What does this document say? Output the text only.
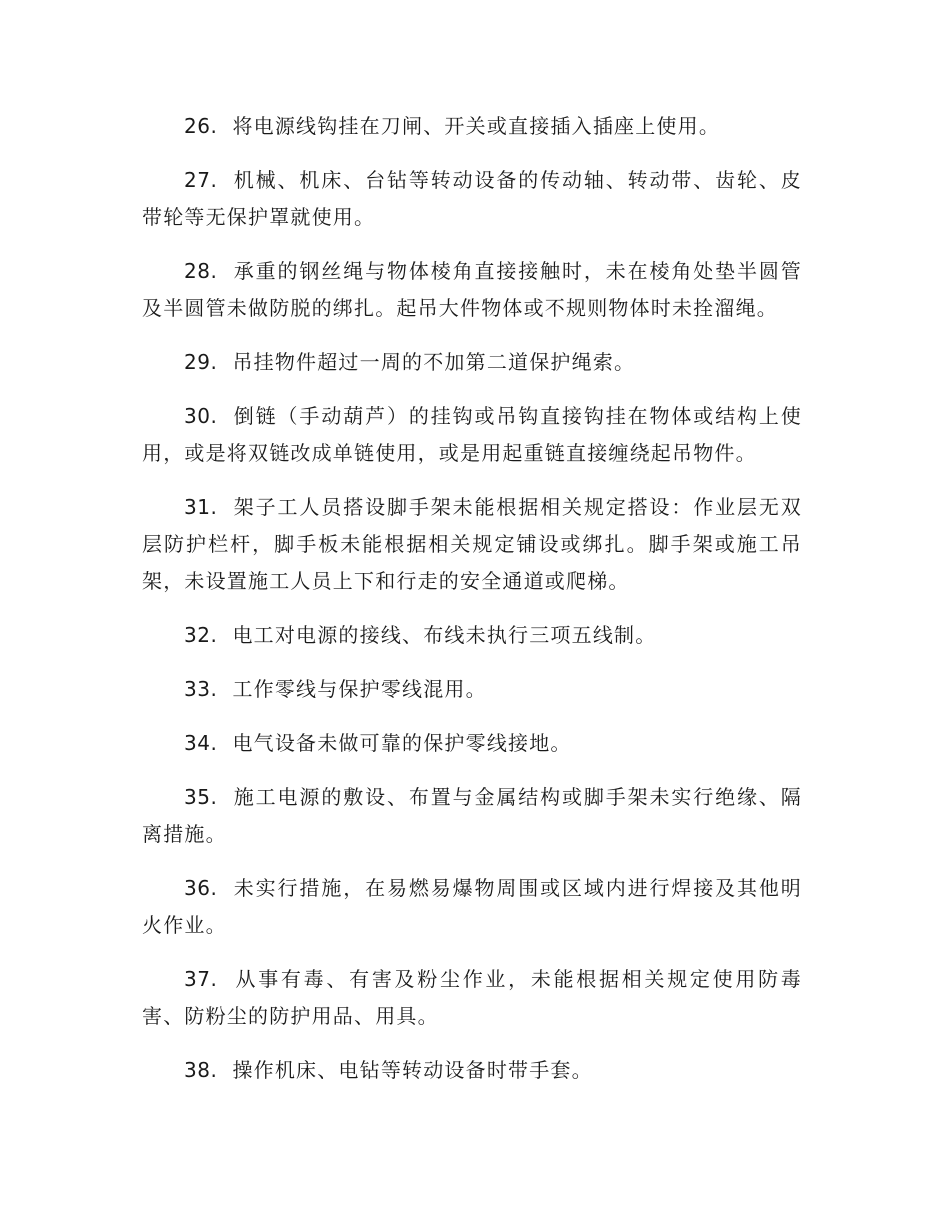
26. 将电源线钩挂在刀闸、开关或直接插入插座上使用。

27. 机械、机床、台钻等转动设备的传动轴、转动带、齿轮、皮带轮等无保护罩就使用。

28. 承重的钢丝绳与物体棱角直接接触时，未在棱角处垫半圆管及半圆管未做防脱的绑扎。起吊大件物体或不规则物体时未拴溜绳。

29. 吊挂物件超过一周的不加第二道保护绳索。

30. 倒链（手动葫芦）的挂钩或吊钩直接钩挂在物体或结构上使用，或是将双链改成单链使用，或是用起重链直接缠绕起吊物件。

31. 架子工人员搭设脚手架未能根据相关规定搭设：作业层无双层防护栏杆，脚手板未能根据相关规定铺设或绑扎。脚手架或施工吊架，未设置施工人员上下和行走的安全通道或爬梯。

32. 电工对电源的接线、布线未执行三项五线制。

33. 工作零线与保护零线混用。

34. 电气设备未做可靠的保护零线接地。

35. 施工电源的敷设、布置与金属结构或脚手架未实行绝缘、隔离措施。

36. 未实行措施，在易燃易爆物周围或区域内进行焊接及其他明火作业。

37. 从事有毒、有害及粉尘作业，未能根据相关规定使用防毒害、防粉尘的防护用品、用具。

38. 操作机床、电钻等转动设备时带手套。
